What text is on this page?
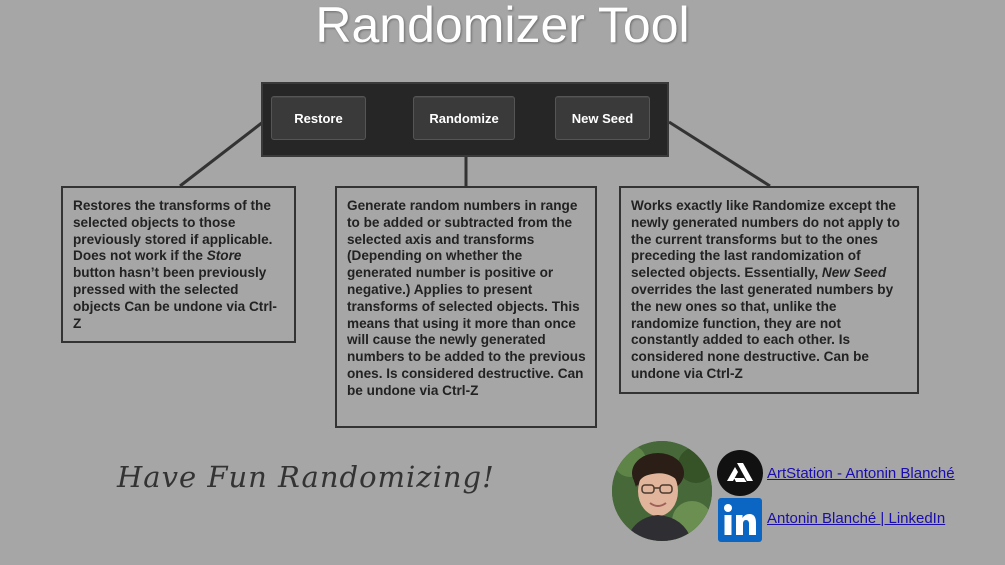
Randomizer Tool
Restore	Randomize	New Seed
Restores the transforms of the selected objects to those previously stored if applicable. Does not work if the Store button hasn’t been previously pressed with the selected objects Can be undone via Ctrl-Z
Generate random numbers in range to be added or subtracted from the selected axis and transforms (Depending on whether the generated number is positive or negative.) Applies to present transforms of selected objects. This means that using it more than once will cause the newly generated numbers to be added to the previous ones. Is considered destructive. Can be undone via Ctrl-Z
Works exactly like Randomize except the newly generated numbers do not apply to the current transforms but to the ones preceding the last randomization of selected objects. Essentially, New Seed overrides the last generated numbers by the new ones so that, unlike the randomize function, they are not constantly added to each other. Is considered none destructive. Can be undone via Ctrl-Z
Have Fun Randomizing!	ArtStation - Antonin Blanché
Antonin Blanché | LinkedIn
